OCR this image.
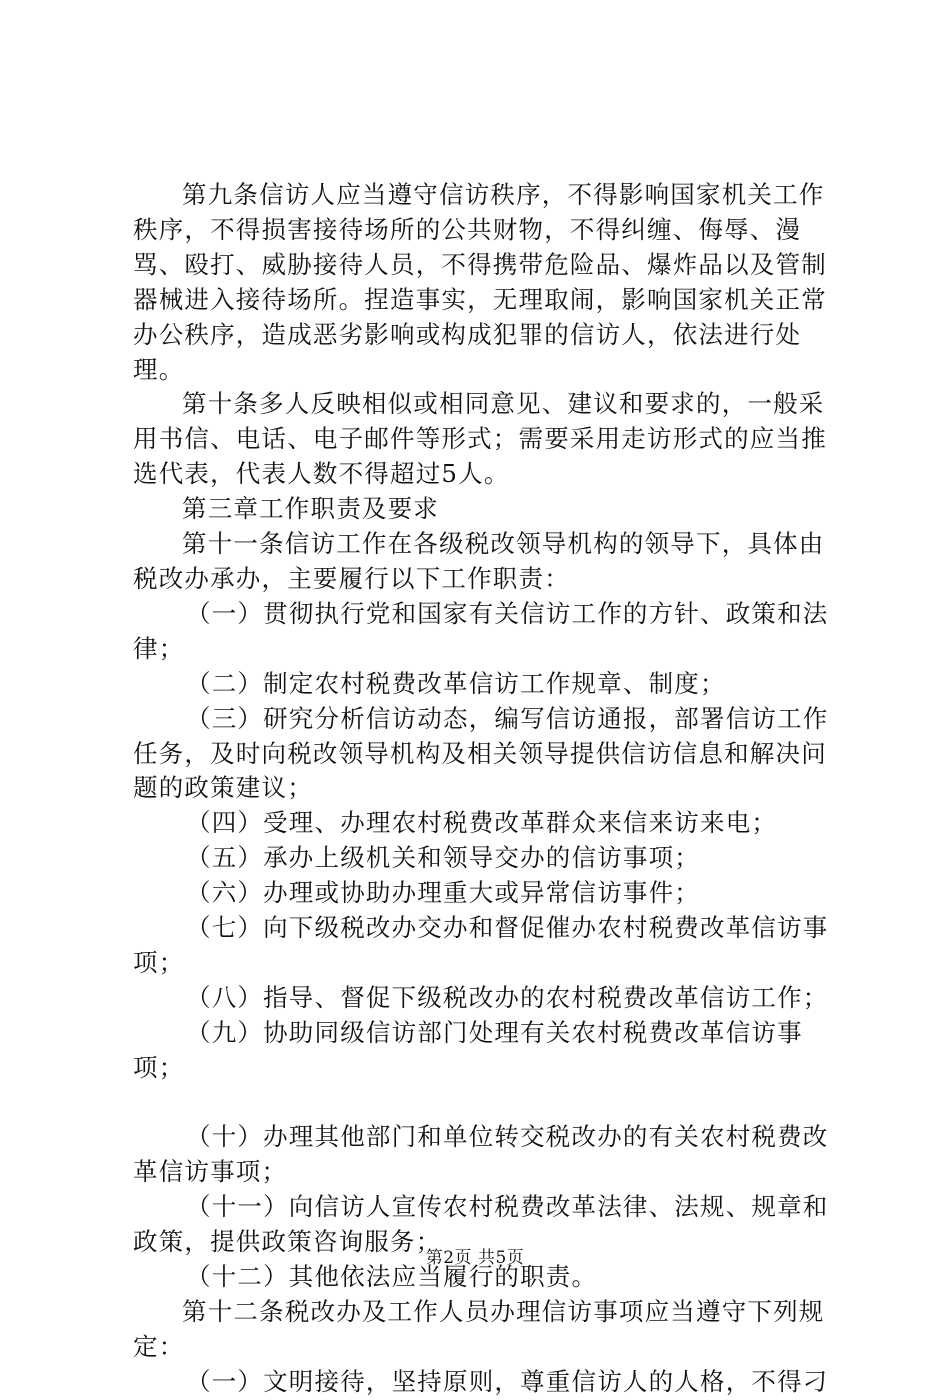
第九条信访人应当遵守信访秩序，不得影响国家机关工作秩序，不得损害接待场所的公共财物，不得纠缠、侮辱、漫骂、殴打、威胁接待人员，不得携带危险品、爆炸品以及管制器械进入接待场所。捏造事实，无理取闹，影响国家机关正常办公秩序，造成恶劣影响或构成犯罪的信访人，依法进行处理。

第十条多人反映相似或相同意见、建议和要求的，一般采用书信、电话、电子邮件等形式；需要采用走访形式的应当推选代表，代表人数不得超过5人。

第三章工作职责及要求

第十一条信访工作在各级税改领导机构的领导下，具体由税改办承办，主要履行以下工作职责：

（一）贯彻执行党和国家有关信访工作的方针、政策和法律；

（二）制定农村税费改革信访工作规章、制度；

（三）研究分析信访动态，编写信访通报，部署信访工作任务，及时向税改领导机构及相关领导提供信访信息和解决问题的政策建议；

（四）受理、办理农村税费改革群众来信来访来电；

（五）承办上级机关和领导交办的信访事项；

（六）办理或协助办理重大或异常信访事件；

（七）向下级税改办交办和督促催办农村税费改革信访事项；

（八）指导、督促下级税改办的农村税费改革信访工作；

（九）协助同级信访部门处理有关农村税费改革信访事项；

（十）办理其他部门和单位转交税改办的有关农村税费改革信访事项；

（十一）向信访人宣传农村税费改革法律、法规、规章和政策，提供政策咨询服务；

（十二）其他依法应当履行的职责。

第十二条税改办及工作人员办理信访事项应当遵守下列规定：

（一）文明接待，坚持原则，尊重信访人的人格，不得刁

第2页 共5页
